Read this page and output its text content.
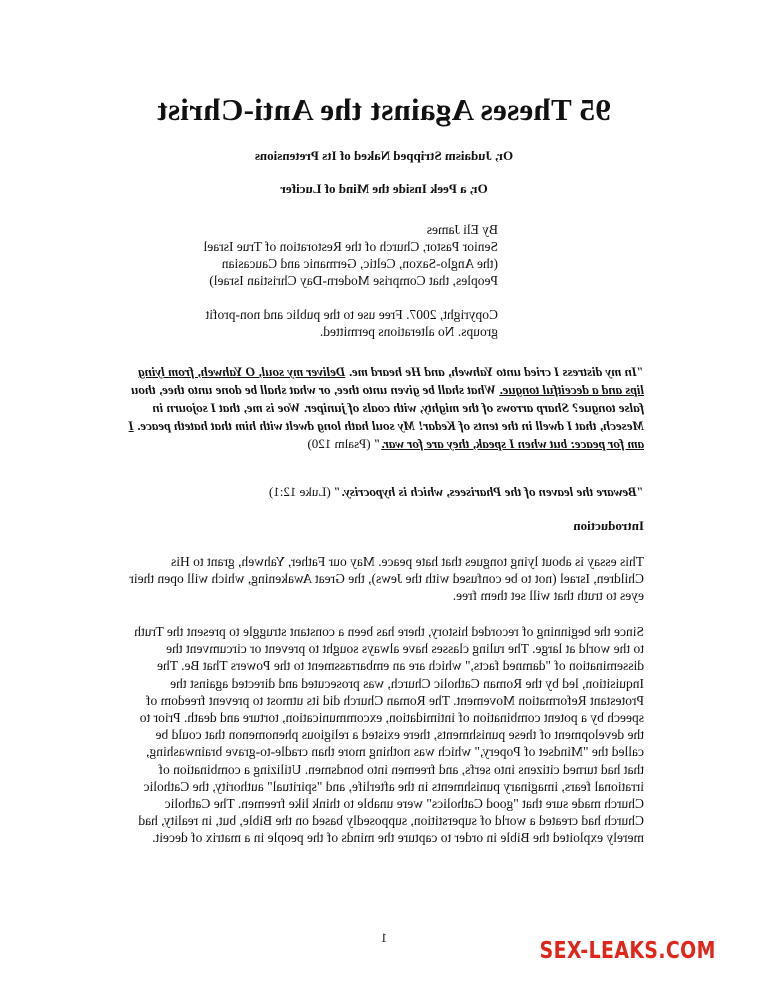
95 Theses Against the Anti-Christ
Or, Judaism Stripped Naked of Its Pretensions
Or, a Peek Inside the Mind of Lucifer

By Eli James

Senior Pastor, Church of the Restoration of True Israel

(the Anglo-Saxon, Celtic, Germanic and Caucasian

Peoples, that Comprise Modern-Day Christian Israel)

Copyright, 2007. Free use to the public and non-profit

groups. No alterations permitted.

"In my distress I cried unto Yahweh, and He heard me. Deliver my soul, O Yahweh, from lying lips and a deceitful tongue. What shall be given unto thee, or what shall be done unto thee, thou false tongue? Sharp arrows of the mighty, with coals of juniper. Woe is me, that I sojourn in Mesech, that I dwell in the tents of Kedar! My soul hath long dwelt with him that hateth peace. I am for peace: but when I speak, they are for war." (Psalm 120)

"Beware the leaven of the Pharisees, which is hypocrisy." (Luke 12:1)

Introduction

This essay is about lying tongues that hate peace. May our Father, Yahweh, grant to His Children, Israel (not to be confused with the Jews), the Great Awakening, which will open their eyes to truth that will set them free.

Since the beginning of recorded history, there has been a constant struggle to present the Truth to the world at large. The ruling classes have always sought to prevent or circumvent the dissemination of "damned facts," which are an embarrassment to the Powers That Be. The Inquisition, led by the Roman Catholic Church, was prosecuted and directed against the Protestant Reformation Movement. The Roman Church did its utmost to prevent freedom of speech by a potent combination of intimidation, excommunication, torture and death. Prior to the development of these punishments, there existed a religious phenomenon that could be called the "Mindset of Popery," which was nothing more than cradle-to-grave brainwashing, that had turned citizens into serfs, and freemen into bondsmen. Utilizing a combination of irrational fears, imaginary punishments in the afterlife, and "spiritual" authority, the Catholic Church made sure that "good Catholics" were unable to think like freemen. The Catholic Church had created a world of superstition, supposedly based on the Bible, but, in reality, had merely exploited the Bible in order to capture the minds of the people in a matrix of deceit.

1
SEX-LEAKS.COM
